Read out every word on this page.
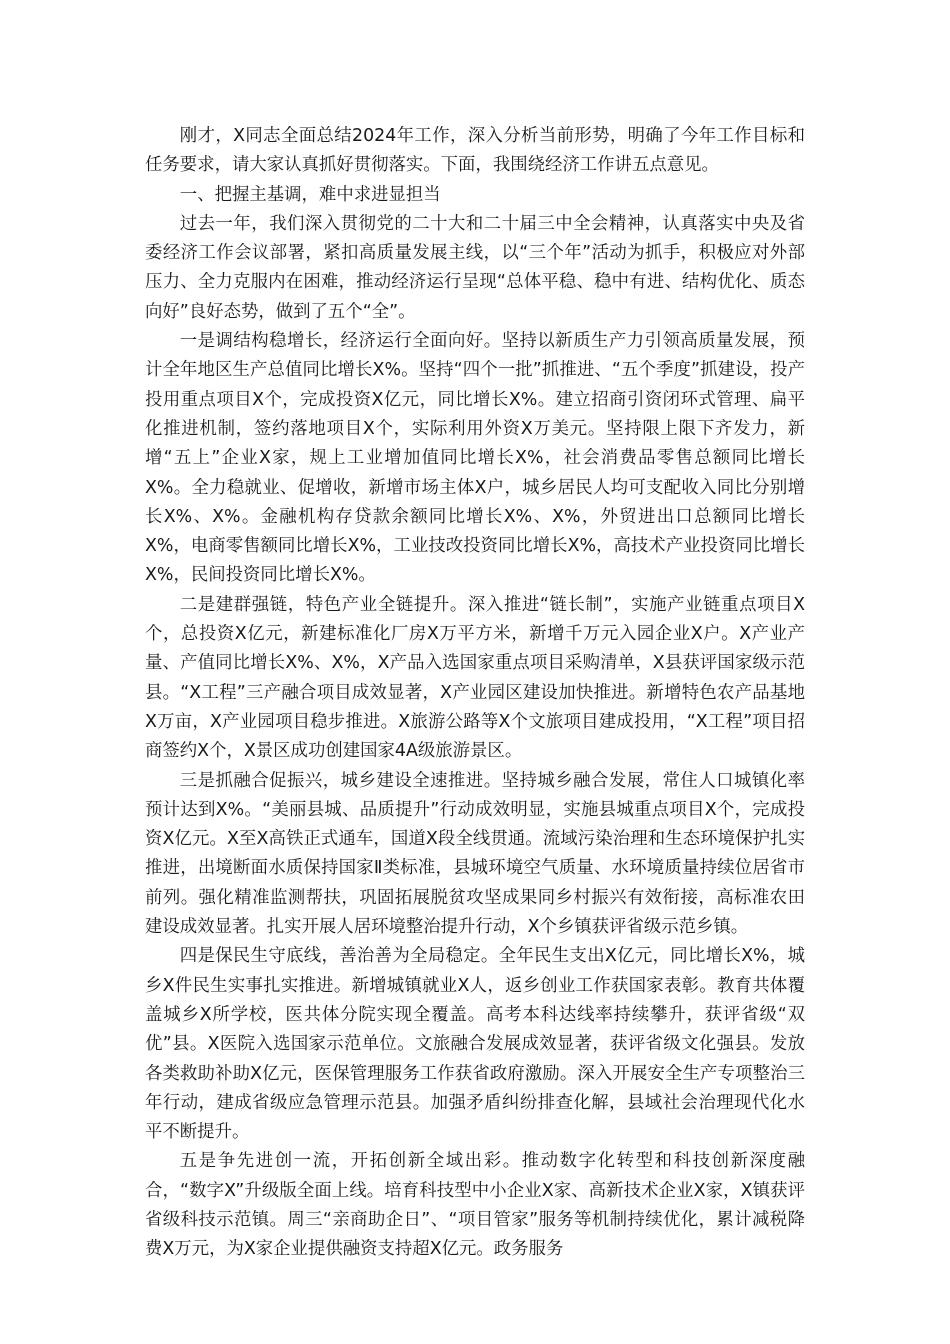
刚才，X同志全面总结2024年工作，深入分析当前形势，明确了今年工作目标和任务要求，请大家认真抓好贯彻落实。下面，我围绕经济工作讲五点意见。

一、把握主基调，难中求进显担当

过去一年，我们深入贯彻党的二十大和二十届三中全会精神，认真落实中央及省委经济工作会议部署，紧扣高质量发展主线，以“三个年”活动为抓手，积极应对外部压力、全力克服内在困难，推动经济运行呈现“总体平稳、稳中有进、结构优化、质态向好”良好态势，做到了五个“全”。

一是调结构稳增长，经济运行全面向好。坚持以新质生产力引领高质量发展，预计全年地区生产总值同比增长X%。坚持“四个一批”抓推进、“五个季度”抓建设，投产投用重点项目X个，完成投资X亿元，同比增长X%。建立招商引资闭环式管理、扁平化推进机制，签约落地项目X个，实际利用外资X万美元。坚持限上限下齐发力，新增“五上”企业X家，规上工业增加值同比增长X%，社会消费品零售总额同比增长X%。全力稳就业、促增收，新增市场主体X户，城乡居民人均可支配收入同比分别增长X%、X%。金融机构存贷款余额同比增长X%、X%，外贸进出口总额同比增长X%，电商零售额同比增长X%，工业技改投资同比增长X%，高技术产业投资同比增长X%，民间投资同比增长X%。

二是建群强链，特色产业全链提升。深入推进“链长制”，实施产业链重点项目X个，总投资X亿元，新建标准化厂房X万平方米，新增千万元入园企业X户。X产业产量、产值同比增长X%、X%，X产品入选国家重点项目采购清单，X县获评国家级示范县。“X工程”三产融合项目成效显著，X产业园区建设加快推进。新增特色农产品基地X万亩，X产业园项目稳步推进。X旅游公路等X个文旅项目建成投用，“X工程”项目招商签约X个，X景区成功创建国家4A级旅游景区。

三是抓融合促振兴，城乡建设全速推进。坚持城乡融合发展，常住人口城镇化率预计达到X%。“美丽县城、品质提升”行动成效明显，实施县城重点项目X个，完成投资X亿元。X至X高铁正式通车，国道X段全线贯通。流域污染治理和生态环境保护扎实推进，出境断面水质保持国家Ⅱ类标准，县城环境空气质量、水环境质量持续位居省市前列。强化精准监测帮扶，巩固拓展脱贫攻坚成果同乡村振兴有效衔接，高标准农田建设成效显著。扎实开展人居环境整治提升行动，X个乡镇获评省级示范乡镇。

四是保民生守底线，善治善为全局稳定。全年民生支出X亿元，同比增长X%，城乡X件民生实事扎实推进。新增城镇就业X人，返乡创业工作获国家表彰。教育共体覆盖城乡X所学校，医共体分院实现全覆盖。高考本科达线率持续攀升，获评省级“双优”县。X医院入选国家示范单位。文旅融合发展成效显著，获评省级文化强县。发放各类救助补助X亿元，医保管理服务工作获省政府激励。深入开展安全生产专项整治三年行动，建成省级应急管理示范县。加强矛盾纠纷排查化解，县域社会治理现代化水平不断提升。

五是争先进创一流，开拓创新全域出彩。推动数字化转型和科技创新深度融合，“数字X”升级版全面上线。培育科技型中小企业X家、高新技术企业X家，X镇获评省级科技示范镇。周三“亲商助企日”、“项目管家”服务等机制持续优化，累计减税降费X万元，为X家企业提供融资支持超X亿元。政务服务
